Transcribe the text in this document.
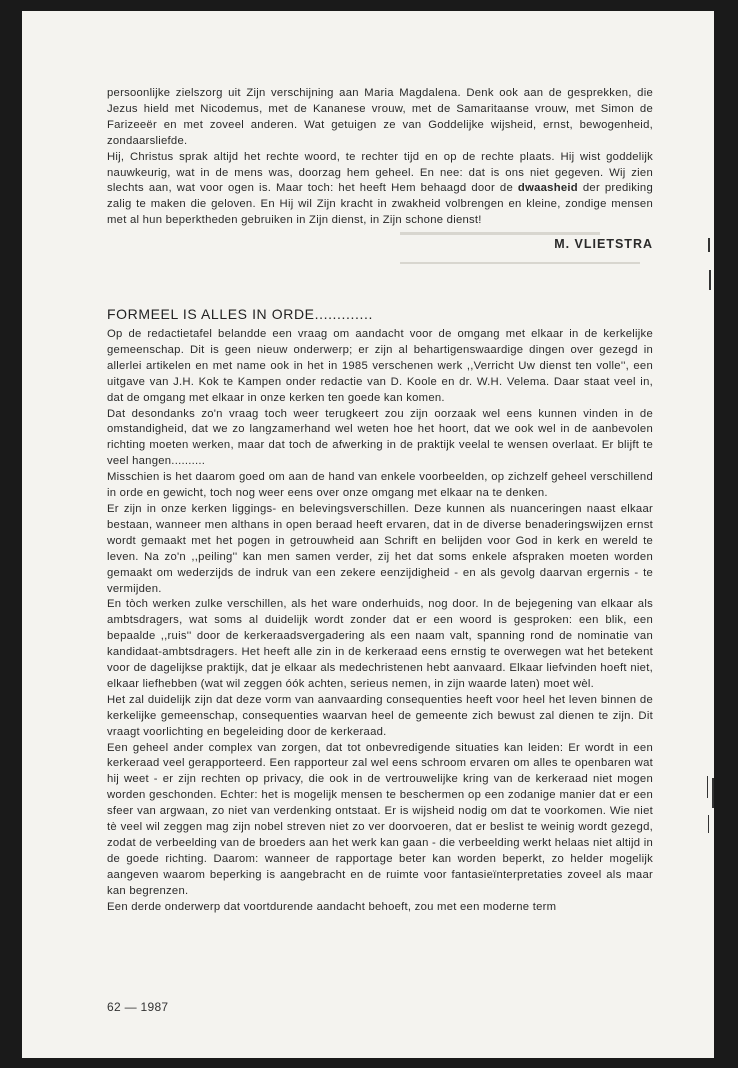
persoonlijke zielszorg uit Zijn verschijning aan Maria Magdalena. Denk ook aan de gesprekken, die Jezus hield met Nicodemus, met de Kananese vrouw, met de Samaritaanse vrouw, met Simon de Farizeeër en met zoveel anderen. Wat getuigen ze van Goddelijke wijsheid, ernst, bewogenheid, zondaarsliefde.

Hij, Christus sprak altijd het rechte woord, te rechter tijd en op de rechte plaats. Hij wist goddelijk nauwkeurig, wat in de mens was, doorzag hem geheel. En nee: dat is ons niet gegeven. Wij zien slechts aan, wat voor ogen is. Maar toch: het heeft Hem behaagd door de dwaasheid der prediking zalig te maken die geloven. En Hij wil Zijn kracht in zwakheid volbrengen en kleine, zondige mensen met al hun beperktheden gebruiken in Zijn dienst, in Zijn schone dienst!

M. VLIETSTRA
FORMEEL IS ALLES IN ORDE.............

Op de redactietafel belandde een vraag om aandacht voor de omgang met elkaar in de kerkelijke gemeenschap. Dit is geen nieuw onderwerp; er zijn al behartigenswaardige dingen over gezegd in allerlei artikelen en met name ook in het in 1985 verschenen werk ,,Verricht Uw dienst ten volle'', een uitgave van J.H. Kok te Kampen onder redactie van D. Koole en dr. W.H. Velema. Daar staat veel in, dat de omgang met elkaar in onze kerken ten goede kan komen.

Dat desondanks zo'n vraag toch weer terugkeert zou zijn oorzaak wel eens kunnen vinden in de omstandigheid, dat we zo langzamerhand wel weten hoe het hoort, dat we ook wel in de aanbevolen richting moeten werken, maar dat toch de afwerking in de praktijk veelal te wensen overlaat. Er blijft te veel hangen..........

Misschien is het daarom goed om aan de hand van enkele voorbeelden, op zichzelf geheel verschillend in orde en gewicht, toch nog weer eens over onze omgang met elkaar na te denken.

Er zijn in onze kerken liggings- en belevingsverschillen. Deze kunnen als nuanceringen naast elkaar bestaan, wanneer men althans in open beraad heeft ervaren, dat in de diverse benaderingswijzen ernst wordt gemaakt met het pogen in getrouwheid aan Schrift en belijden voor God in kerk en wereld te leven. Na zo'n ,,peiling'' kan men samen verder, zij het dat soms enkele afspraken moeten worden gemaakt om wederzijds de indruk van een zekere eenzijdigheid - en als gevolg daarvan ergernis - te vermijden.

En tòch werken zulke verschillen, als het ware onderhuids, nog door. In de bejegening van elkaar als ambtsdragers, wat soms al duidelijk wordt zonder dat er een woord is gesproken: een blik, een bepaalde ,,ruis'' door de kerkeraadsvergadering als een naam valt, spanning rond de nominatie van kandidaat-ambtsdragers. Het heeft alle zin in de kerkeraad eens ernstig te overwegen wat het betekent voor de dagelijkse praktijk, dat je elkaar als medechristenen hebt aanvaard. Elkaar liefvinden hoeft niet, elkaar liefhebben (wat wil zeggen óók achten, serieus nemen, in zijn waarde laten) moet wèl.

Het zal duidelijk zijn dat deze vorm van aanvaarding consequenties heeft voor heel het leven binnen de kerkelijke gemeenschap, consequenties waarvan heel de gemeente zich bewust zal dienen te zijn. Dit vraagt voorlichting en begeleiding door de kerkeraad.

Een geheel ander complex van zorgen, dat tot onbevredigende situaties kan leiden: Er wordt in een kerkeraad veel gerapporteerd. Een rapporteur zal wel eens schroom ervaren om alles te openbaren wat hij weet - er zijn rechten op privacy, die ook in de vertrouwelijke kring van de kerkeraad niet mogen worden geschonden. Echter: het is mogelijk mensen te beschermen op een zodanige manier dat er een sfeer van argwaan, zo niet van verdenking ontstaat. Er is wijsheid nodig om dat te voorkomen. Wie niet tè veel wil zeggen mag zijn nobel streven niet zo ver doorvoeren, dat er beslist te weinig wordt gezegd, zodat de verbeelding van de broeders aan het werk kan gaan - die verbeelding werkt helaas niet altijd in de goede richting. Daarom: wanneer de rapportage beter kan worden beperkt, zo helder mogelijk aangeven waarom beperking is aangebracht en de ruimte voor fantasieïnterpretaties zoveel als maar kan begrenzen.

Een derde onderwerp dat voortdurende aandacht behoeft, zou met een moderne term

62 — 1987
